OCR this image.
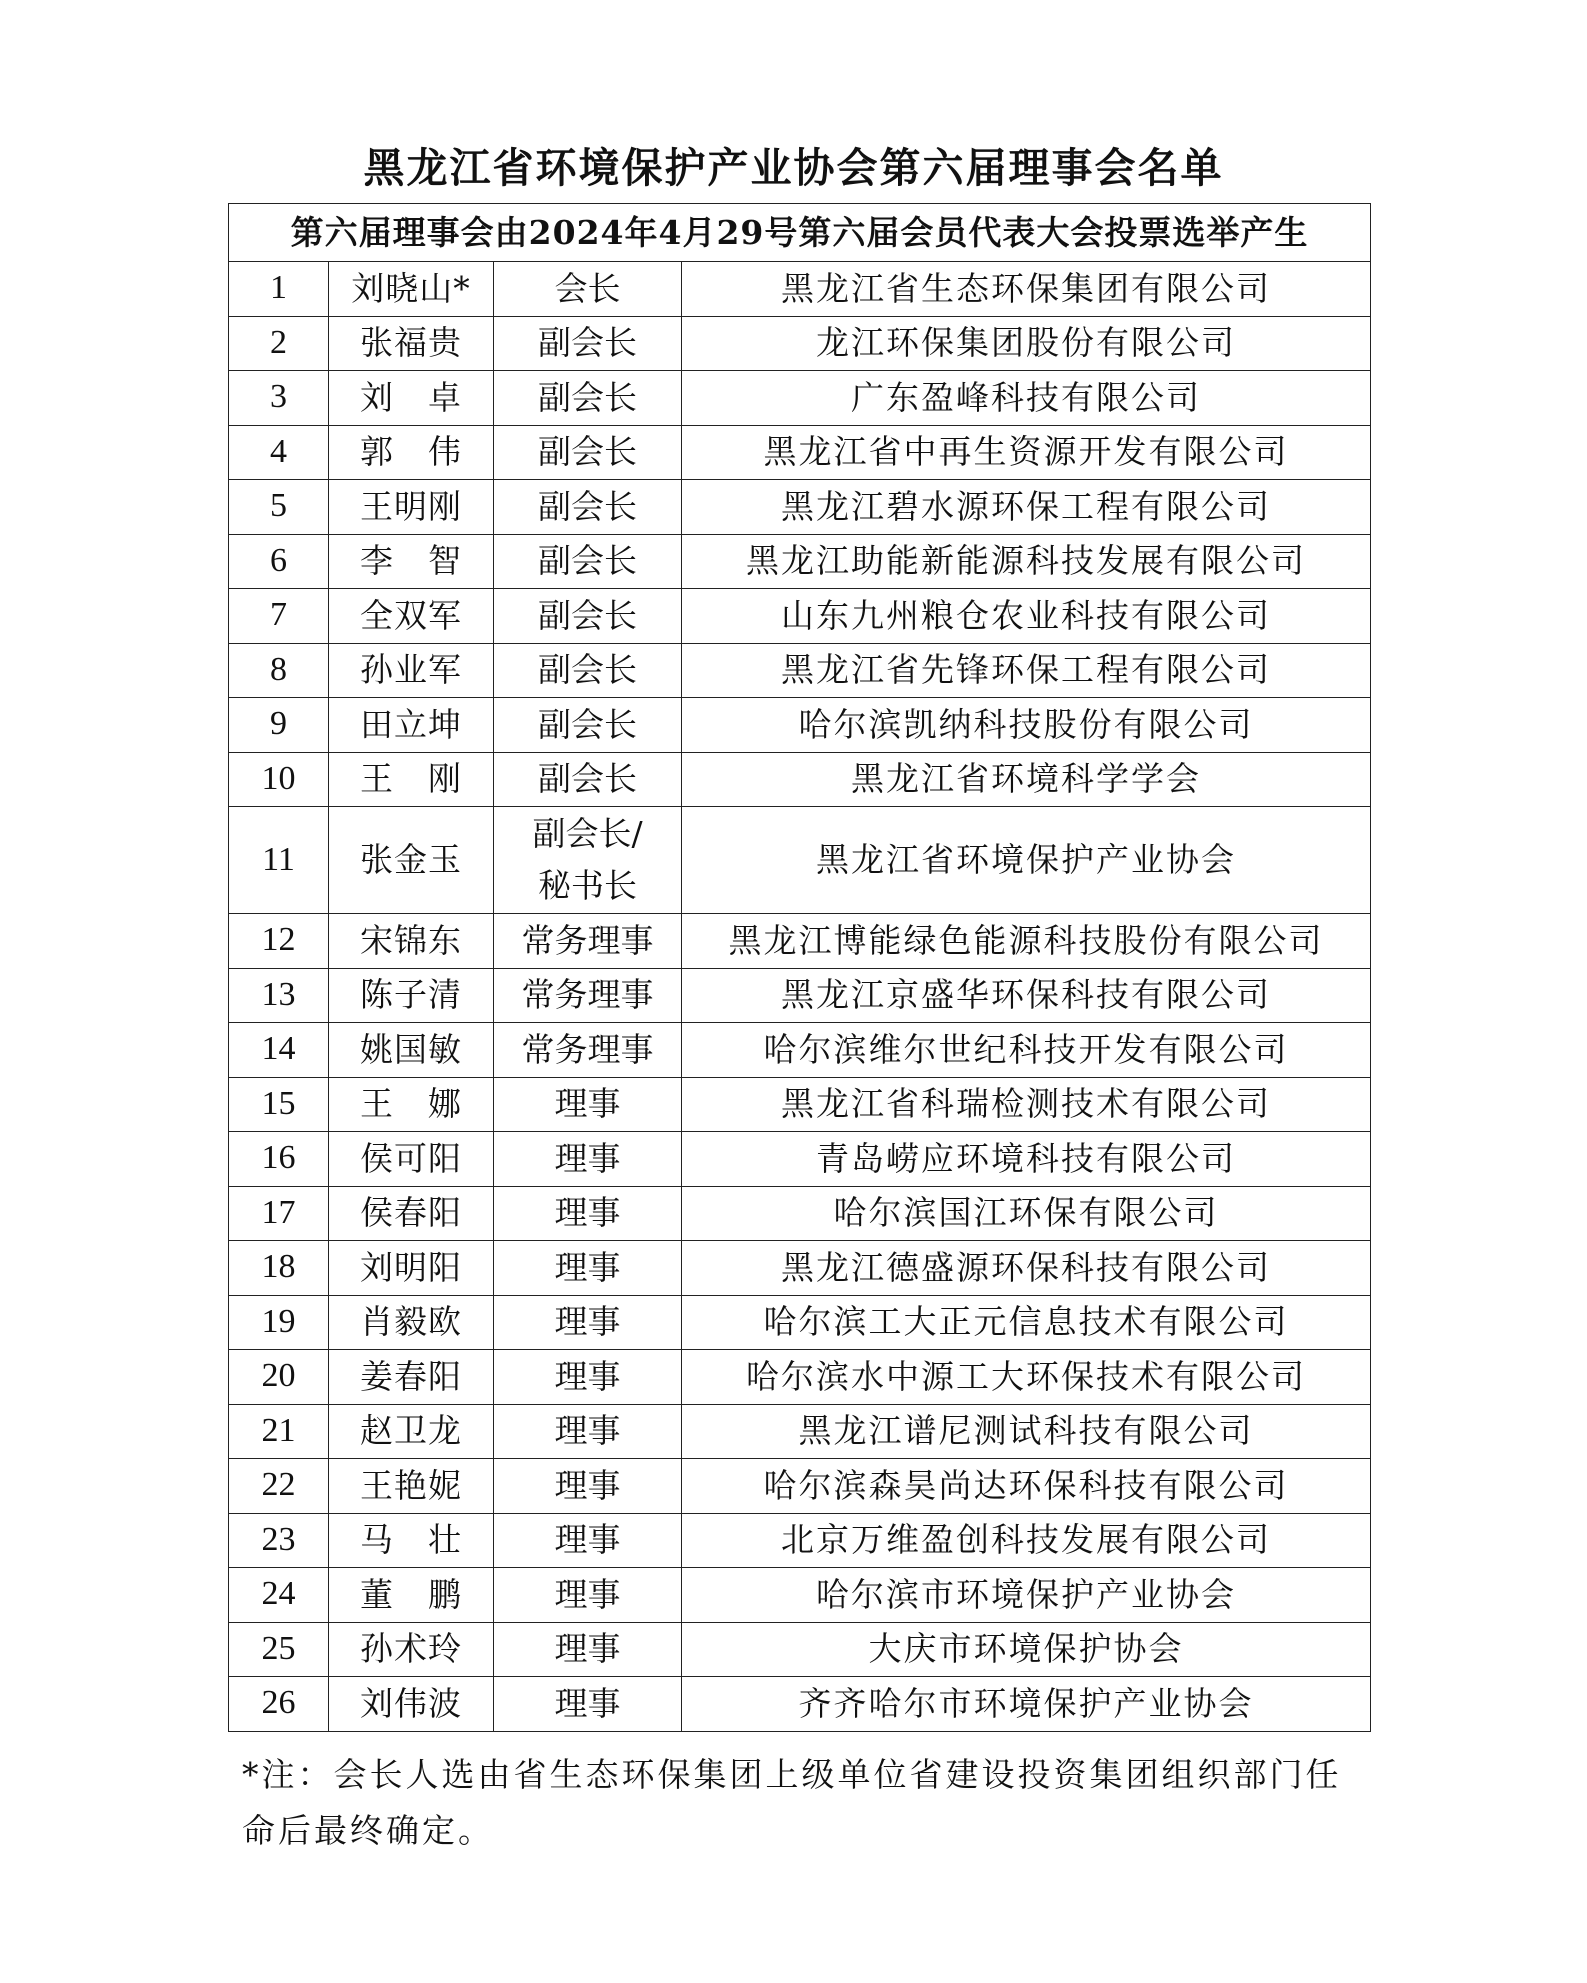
黑龙江省环境保护产业协会第六届理事会名单
第六届理事会由2024年4月29号第六届会员代表大会投票选举产生			
1	刘晓山*	会长	黑龙江省生态环保集团有限公司
2	张福贵	副会长	龙江环保集团股份有限公司
3	刘　卓	副会长	广东盈峰科技有限公司
4	郭　伟	副会长	黑龙江省中再生资源开发有限公司
5	王明刚	副会长	黑龙江碧水源环保工程有限公司
6	李　智	副会长	黑龙江助能新能源科技发展有限公司
7	全双军	副会长	山东九州粮仓农业科技有限公司
8	孙业军	副会长	黑龙江省先锋环保工程有限公司
9	田立坤	副会长	哈尔滨凯纳科技股份有限公司
10	王　刚	副会长	黑龙江省环境科学学会
11	张金玉	副会长/
秘书长	黑龙江省环境保护产业协会
12	宋锦东	常务理事	黑龙江博能绿色能源科技股份有限公司
13	陈子清	常务理事	黑龙江京盛华环保科技有限公司
14	姚国敏	常务理事	哈尔滨维尔世纪科技开发有限公司
15	王　娜	理事	黑龙江省科瑞检测技术有限公司
16	侯可阳	理事	青岛崂应环境科技有限公司
17	侯春阳	理事	哈尔滨国江环保有限公司
18	刘明阳	理事	黑龙江德盛源环保科技有限公司
19	肖毅欧	理事	哈尔滨工大正元信息技术有限公司
20	姜春阳	理事	哈尔滨水中源工大环保技术有限公司
21	赵卫龙	理事	黑龙江谱尼测试科技有限公司
22	王艳妮	理事	哈尔滨森昊尚达环保科技有限公司
23	马　壮	理事	北京万维盈创科技发展有限公司
24	董　鹏	理事	哈尔滨市环境保护产业协会
25	孙术玲	理事	大庆市环境保护协会
26	刘伟波	理事	齐齐哈尔市环境保护产业协会
*注：会长人选由省生态环保集团上级单位省建设投资集团组织部门任命后最终确定。
